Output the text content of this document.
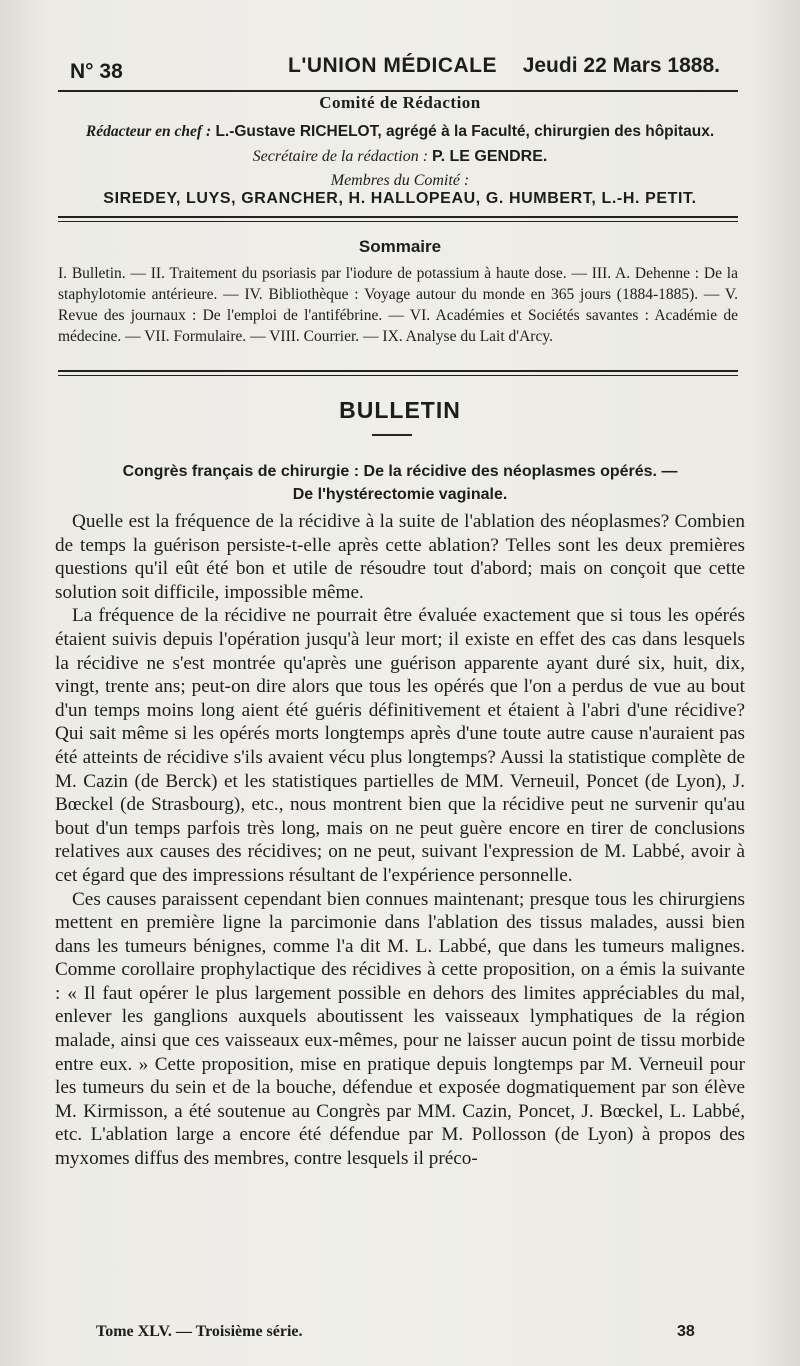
N° 38	L'UNION MÉDICALE Jeudi 22 Mars 1888.
Comité de Rédaction
Rédacteur en chef : L.-Gustave RICHELOT, agrégé à la Faculté, chirurgien des hôpitaux.
Secrétaire de la rédaction : P. LE GENDRE.
Membres du Comité :
SIREDEY, LUYS, GRANCHER, H. HALLOPEAU, G. HUMBERT, L.-H. PETIT.
Sommaire
I. Bulletin. — II. Traitement du psoriasis par l'iodure de potassium à haute dose. — III. A. Dehenne : De la staphylotomie antérieure. — IV. Bibliothèque : Voyage autour du monde en 365 jours (1884-1885). — V. Revue des journaux : De l'emploi de l'antifébrine. — VI. Académies et Sociétés savantes : Académie de médecine. — VII. Formulaire. — VIII. Courrier. — IX. Analyse du Lait d'Arcy.
BULLETIN
Congrès français de chirurgie : De la récidive des néoplasmes opérés. —
De l'hystérectomie vaginale.

Quelle est la fréquence de la récidive à la suite de l'ablation des néoplasmes? Combien de temps la guérison persiste-t-elle après cette ablation? Telles sont les deux premières questions qu'il eût été bon et utile de résoudre tout d'abord; mais on conçoit que cette solution soit difficile, impossible même.

La fréquence de la récidive ne pourrait être évaluée exactement que si tous les opérés étaient suivis depuis l'opération jusqu'à leur mort; il existe en effet des cas dans lesquels la récidive ne s'est montrée qu'après une guérison apparente ayant duré six, huit, dix, vingt, trente ans; peut-on dire alors que tous les opérés que l'on a perdus de vue au bout d'un temps moins long aient été guéris définitivement et étaient à l'abri d'une récidive? Qui sait même si les opérés morts longtemps après d'une toute autre cause n'auraient pas été atteints de récidive s'ils avaient vécu plus longtemps? Aussi la statistique complète de M. Cazin (de Berck) et les statistiques partielles de MM. Verneuil, Poncet (de Lyon), J. Bœckel (de Strasbourg), etc., nous montrent bien que la récidive peut ne survenir qu'au bout d'un temps parfois très long, mais on ne peut guère encore en tirer de conclusions relatives aux causes des récidives; on ne peut, suivant l'expression de M. Labbé, avoir à cet égard que des impressions résultant de l'expérience personnelle.

Ces causes paraissent cependant bien connues maintenant; presque tous les chirurgiens mettent en première ligne la parcimonie dans l'ablation des tissus malades, aussi bien dans les tumeurs bénignes, comme l'a dit M. L. Labbé, que dans les tumeurs malignes. Comme corollaire prophylactique des récidives à cette proposition, on a émis la suivante : « Il faut opérer le plus largement possible en dehors des limites appréciables du mal, enlever les ganglions auxquels aboutissent les vaisseaux lymphatiques de la région malade, ainsi que ces vaisseaux eux-mêmes, pour ne laisser aucun point de tissu morbide entre eux. » Cette proposition, mise en pratique depuis longtemps par M. Verneuil pour les tumeurs du sein et de la bouche, défendue et exposée dogmatiquement par son élève M. Kirmisson, a été soutenue au Congrès par MM. Cazin, Poncet, J. Bœckel, L. Labbé, etc. L'ablation large a encore été défendue par M. Pollosson (de Lyon) à propos des myxomes diffus des membres, contre lesquels il préco-

Tome XLV. — Troisième série.	38
